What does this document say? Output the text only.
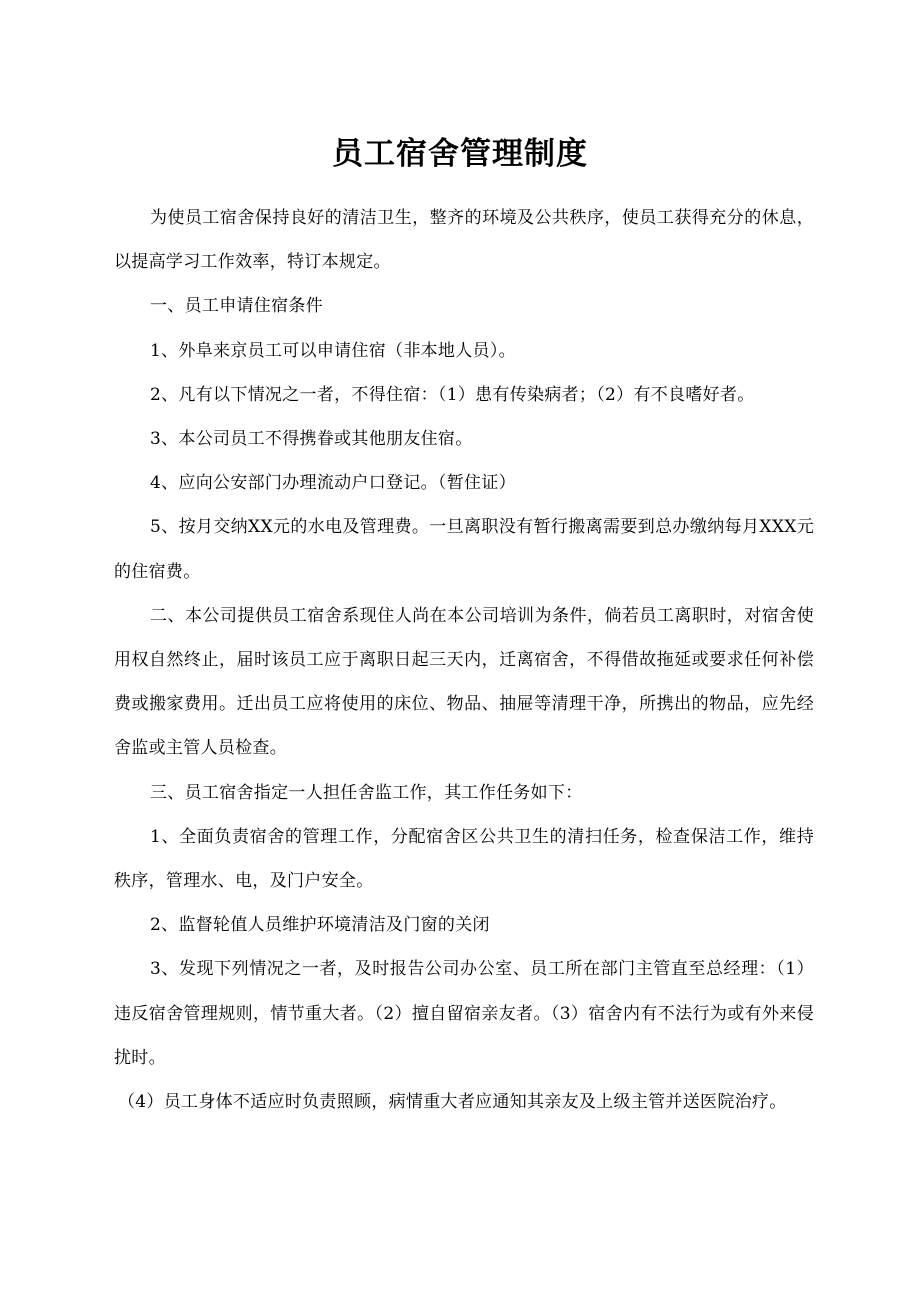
员工宿舍管理制度

为使员工宿舍保持良好的清洁卫生，整齐的环境及公共秩序，使员工获得充分的休息，以提高学习工作效率，特订本规定。

一、员工申请住宿条件

1、外阜来京员工可以申请住宿（非本地人员）。

2、凡有以下情况之一者，不得住宿：（1）患有传染病者；（2）有不良嗜好者。

3、本公司员工不得携眷或其他朋友住宿。

4、应向公安部门办理流动户口登记。（暂住证）

5、按月交纳XX元的水电及管理费。一旦离职没有暂行搬离需要到总办缴纳每月XXX元的住宿费。

二、本公司提供员工宿舍系现住人尚在本公司培训为条件，倘若员工离职时，对宿舍使用权自然终止，届时该员工应于离职日起三天内，迁离宿舍，不得借故拖延或要求任何补偿费或搬家费用。迁出员工应将使用的床位、物品、抽屉等清理干净，所携出的物品，应先经舍监或主管人员检查。

三、员工宿舍指定一人担任舍监工作，其工作任务如下：

1、全面负责宿舍的管理工作，分配宿舍区公共卫生的清扫任务，检查保洁工作，维持秩序，管理水、电，及门户安全。

2、监督轮值人员维护环境清洁及门窗的关闭

3、发现下列情况之一者，及时报告公司办公室、员工所在部门主管直至总经理：（1）违反宿舍管理规则，情节重大者。（2）擅自留宿亲友者。（3）宿舍内有不法行为或有外来侵扰时。

（4）员工身体不适应时负责照顾，病情重大者应通知其亲友及上级主管并送医院治疗。
